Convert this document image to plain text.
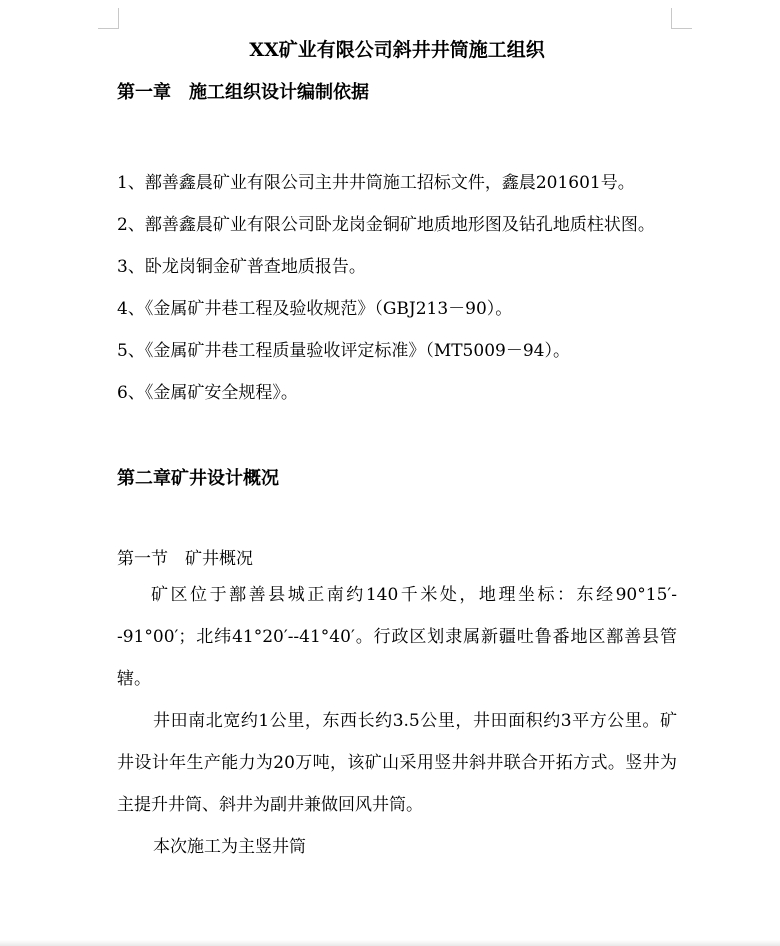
XX矿业有限公司斜井井筒施工组织

第一章　施工组织设计编制依据

1、鄯善鑫晨矿业有限公司主井井筒施工招标文件，鑫晨201601号。

2、鄯善鑫晨矿业有限公司卧龙岗金铜矿地质地形图及钻孔地质柱状图。

3、卧龙岗铜金矿普查地质报告。

4、《金属矿井巷工程及验收规范》（GBJ213－90）。

5、《金属矿井巷工程质量验收评定标准》（MT5009－94）。

6、《金属矿安全规程》。

第二章矿井设计概况

第一节　矿井概况

矿区位于鄯善县城正南约140千米处，地理坐标：东经90°15′--91°00′；北纬41°20′--41°40′。行政区划隶属新疆吐鲁番地区鄯善县管辖。

井田南北宽约1公里，东西长约3.5公里，井田面积约3平方公里。矿井设计年生产能力为20万吨，该矿山采用竖井斜井联合开拓方式。竖井为主提升井筒、斜井为副井兼做回风井筒。

本次施工为主竖井筒
